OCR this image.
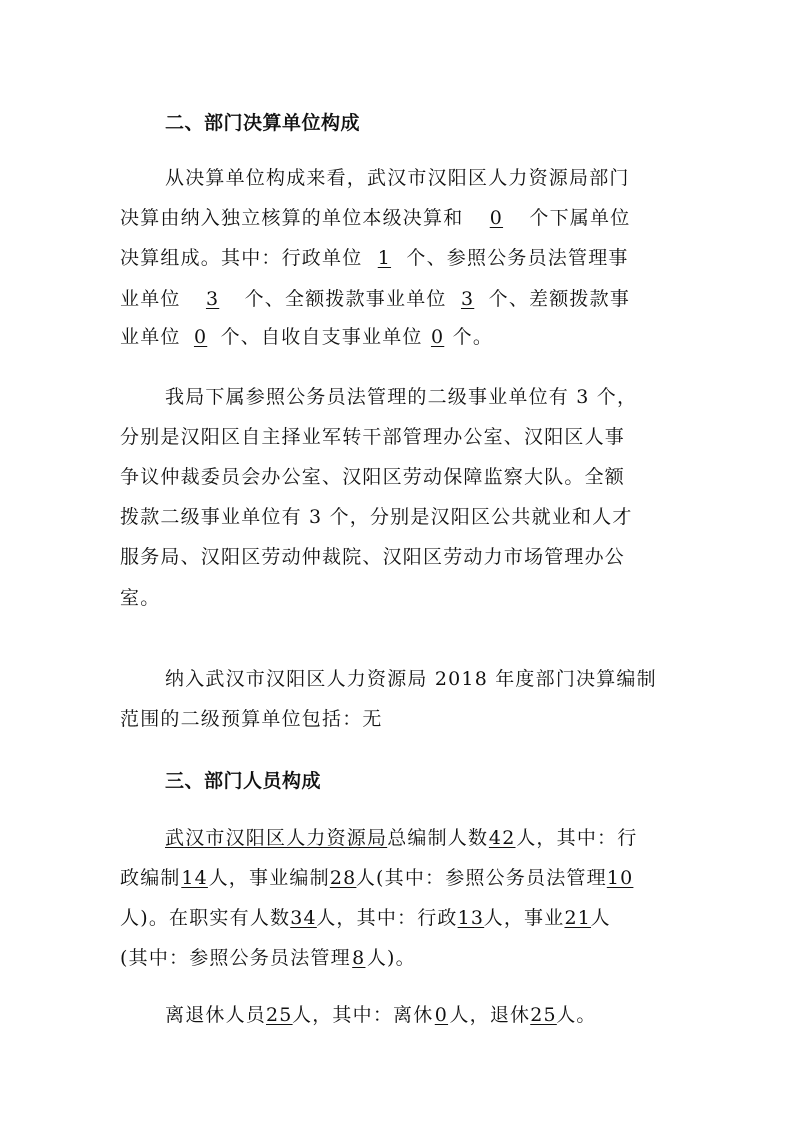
二、部门决算单位构成
从决算单位构成来看，武汉市汉阳区人力资源局部门
决算由纳入独立核算的单位本级决算和 0 个下属单位
决算组成。其中：行政单位 1 个、参照公务员法管理事
业单位 3 个、全额拨款事业单位 3 个、差额拨款事
业单位 0 个、自收自支事业单位 0 个。
我局下属参照公务员法管理的二级事业单位有 3 个，
分别是汉阳区自主择业军转干部管理办公室、汉阳区人事
争议仲裁委员会办公室、汉阳区劳动保障监察大队。全额
拨款二级事业单位有 3 个，分别是汉阳区公共就业和人才
服务局、汉阳区劳动仲裁院、汉阳区劳动力市场管理办公
室。
纳入武汉市汉阳区人力资源局 2018 年度部门决算编制
范围的二级预算单位包括：无
三、部门人员构成
武汉市汉阳区人力资源局总编制人数42人，其中：行
政编制14人，事业编制28人(其中：参照公务员法管理10
人)。在职实有人数34人，其中：行政13人，事业21人
(其中：参照公务员法管理8人)。
离退休人员25人，其中：离休0人，退休25人。
